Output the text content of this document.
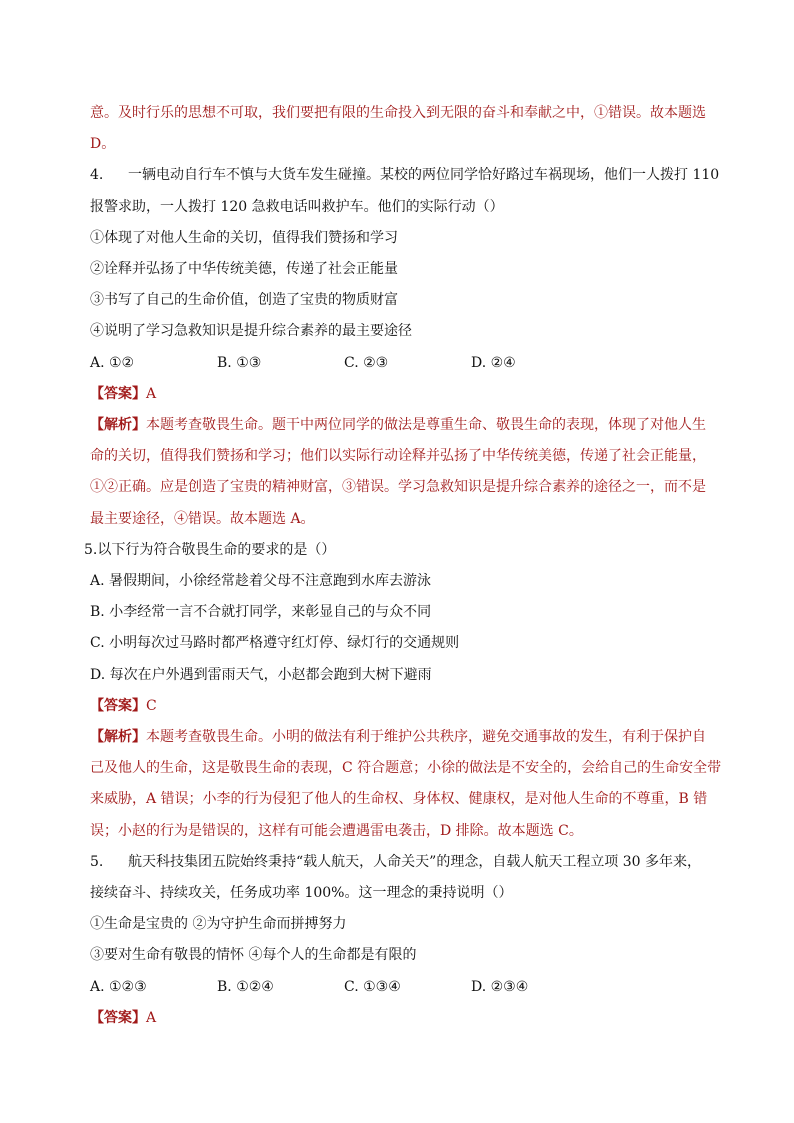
意。及时行乐的思想不可取，我们要把有限的生命投入到无限的奋斗和奉献之中，①错误。故本题选
D。
4. 一辆电动自行车不慎与大货车发生碰撞。某校的两位同学恰好路过车祸现场，他们一人拨打 110
报警求助，一人拨打 120 急救电话叫救护车。他们的实际行动（）
①体现了对他人生命的关切，值得我们赞扬和学习
②诠释并弘扬了中华传统美德，传递了社会正能量
③书写了自己的生命价值，创造了宝贵的物质财富
④说明了学习急救知识是提升综合素养的最主要途径
A. ①②	B. ①③	C. ②③	D. ②④
【答案】A
【解析】本题考查敬畏生命。题干中两位同学的做法是尊重生命、敬畏生命的表现，体现了对他人生
命的关切，值得我们赞扬和学习；他们以实际行动诠释并弘扬了中华传统美德，传递了社会正能量，
①②正确。应是创造了宝贵的精神财富，③错误。学习急救知识是提升综合素养的途径之一，而不是
最主要途径，④错误。故本题选 A。
5.以下行为符合敬畏生命的要求的是（）
A. 暑假期间，小徐经常趁着父母不注意跑到水库去游泳
B. 小李经常一言不合就打同学，来彰显自己的与众不同
C. 小明每次过马路时都严格遵守红灯停、绿灯行的交通规则
D. 每次在户外遇到雷雨天气，小赵都会跑到大树下避雨
【答案】C
【解析】本题考查敬畏生命。小明的做法有利于维护公共秩序，避免交通事故的发生，有利于保护自
己及他人的生命，这是敬畏生命的表现，C 符合题意；小徐的做法是不安全的，会给自己的生命安全带
来威胁，A 错误；小李的行为侵犯了他人的生命权、身体权、健康权，是对他人生命的不尊重，B 错
误；小赵的行为是错误的，这样有可能会遭遇雷电袭击，D 排除。故本题选 C。
5. 航天科技集团五院始终秉持“载人航天，人命关天”的理念，自载人航天工程立项 30 多年来，
接续奋斗、持续攻关，任务成功率 100%。这一理念的秉持说明（）
①生命是宝贵的 ②为守护生命而拼搏努力
③要对生命有敬畏的情怀 ④每个人的生命都是有限的
A. ①②③	B. ①②④	C. ①③④	D. ②③④
【答案】A
